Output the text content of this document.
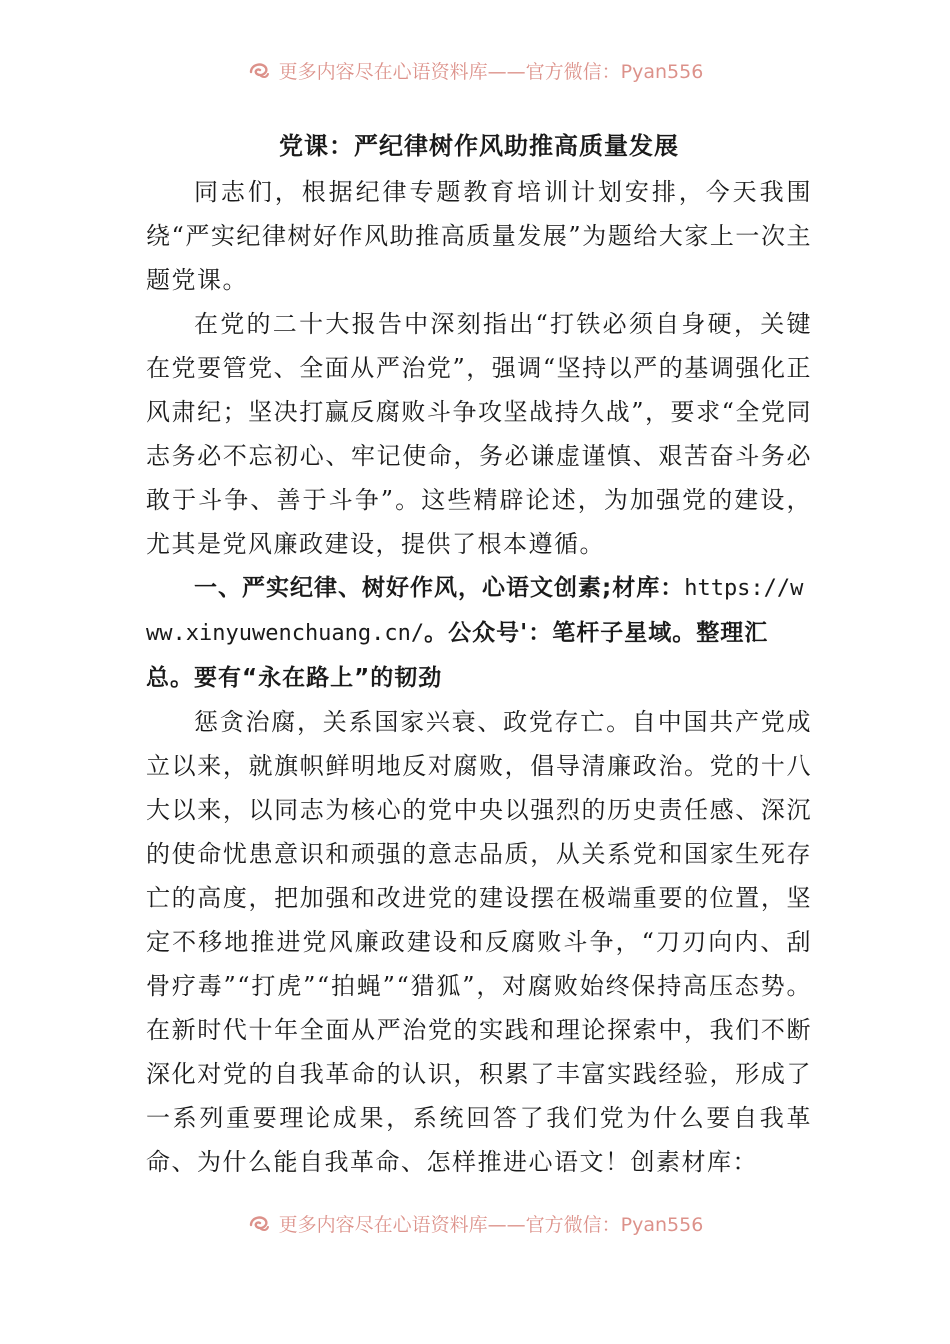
更多内容尽在心语资料库——官方微信：Pyan556
党课：严纪律树作风助推高质量发展

同志们，根据纪律专题教育培训计划安排，今天我围绕“严实纪律树好作风助推高质量发展”为题给大家上一次主题党课。

在党的二十大报告中深刻指出“打铁必须自身硬，关键在党要管党、全面从严治党”，强调“坚持以严的基调强化正风肃纪；坚决打赢反腐败斗争攻坚战持久战”，要求“全党同志务必不忘初心、牢记使命，务必谦虚谨慎、艰苦奋斗务必敢于斗争、善于斗争”。这些精辟论述，为加强党的建设，尤其是党风廉政建设，提供了根本遵循。

一、严实纪律、树好作风，心语文创素;材库：https://www.xinyuwenchuang.cn/。公众号'：笔杆子星域。整理汇总。要有“永在路上”的韧劲

惩贪治腐，关系国家兴衰、政党存亡。自中国共产党成立以来，就旗帜鲜明地反对腐败，倡导清廉政治。党的十八大以来，以同志为核心的党中央以强烈的历史责任感、深沉的使命忧患意识和顽强的意志品质，从关系党和国家生死存亡的高度，把加强和改进党的建设摆在极端重要的位置，坚定不移地推进党风廉政建设和反腐败斗争，“刀刃向内、刮骨疗毒”“打虎”“拍蝇”“猎狐”，对腐败始终保持高压态势。在新时代十年全面从严治党的实践和理论探索中，我们不断深化对党的自我革命的认识，积累了丰富实践经验，形成了一系列重要理论成果，系统回答了我们党为什么要自我革命、为什么能自我革命、怎样推进心语文！创素材库：

更多内容尽在心语资料库——官方微信：Pyan556
